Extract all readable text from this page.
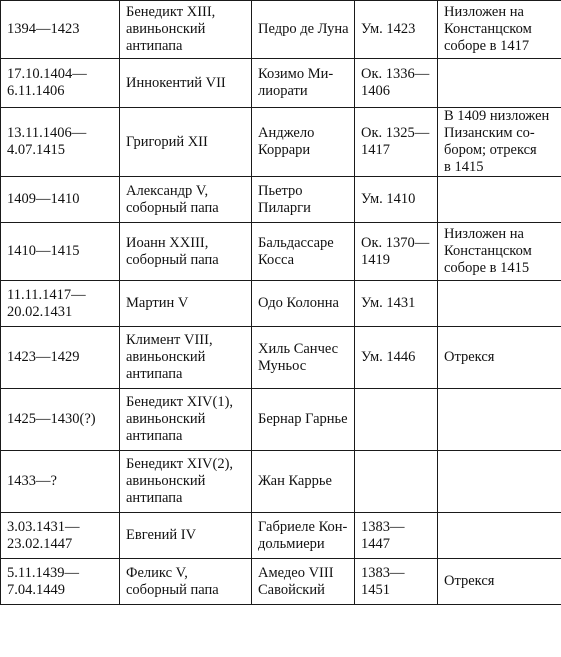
1394—1423	Бенедикт XIII,
авиньонский
антипапа	Педро де Луна	Ум. 1423	Низложен на
Констанцском
соборе в 1417

17.10.1404—
6.11.1406	Иннокентий VII	Козимо Ми-
лиорати	Ок. 1336—
1406	

13.11.1406—
4.07.1415	Григорий XII	Анджело
Коррари	Ок. 1325—
1417	В 1409 низложен
Пизанским со-
бором; отрекся
в 1415

1409—1410	Александр V,
соборный папа	Пьетро
Пиларги	Ум. 1410	

1410—1415	Иоанн XXIII,
соборный папа	Бальдассаре
Косса	Ок. 1370—
1419	Низложен на
Констанцском
соборе в 1415

11.11.1417—
20.02.1431	Мартин V	Одо Колонна	Ум. 1431	

1423—1429	Климент VIII,
авиньонский
антипапа	Хиль Санчес
Муньос	Ум. 1446	Отрекся

1425—1430(?)	Бенедикт XIV(1),
авиньонский
антипапа	Бернар Гарнье		

1433—?	Бенедикт XIV(2),
авиньонский
антипапа	Жан Каррье		

3.03.1431—
23.02.1447	Евгений IV	Габриеле Кон-
дольмиери	1383—
1447	

5.11.1439—
7.04.1449	Феликс V,
соборный папа	Амедео VIII
Савойский	1383—
1451	Отрекся
